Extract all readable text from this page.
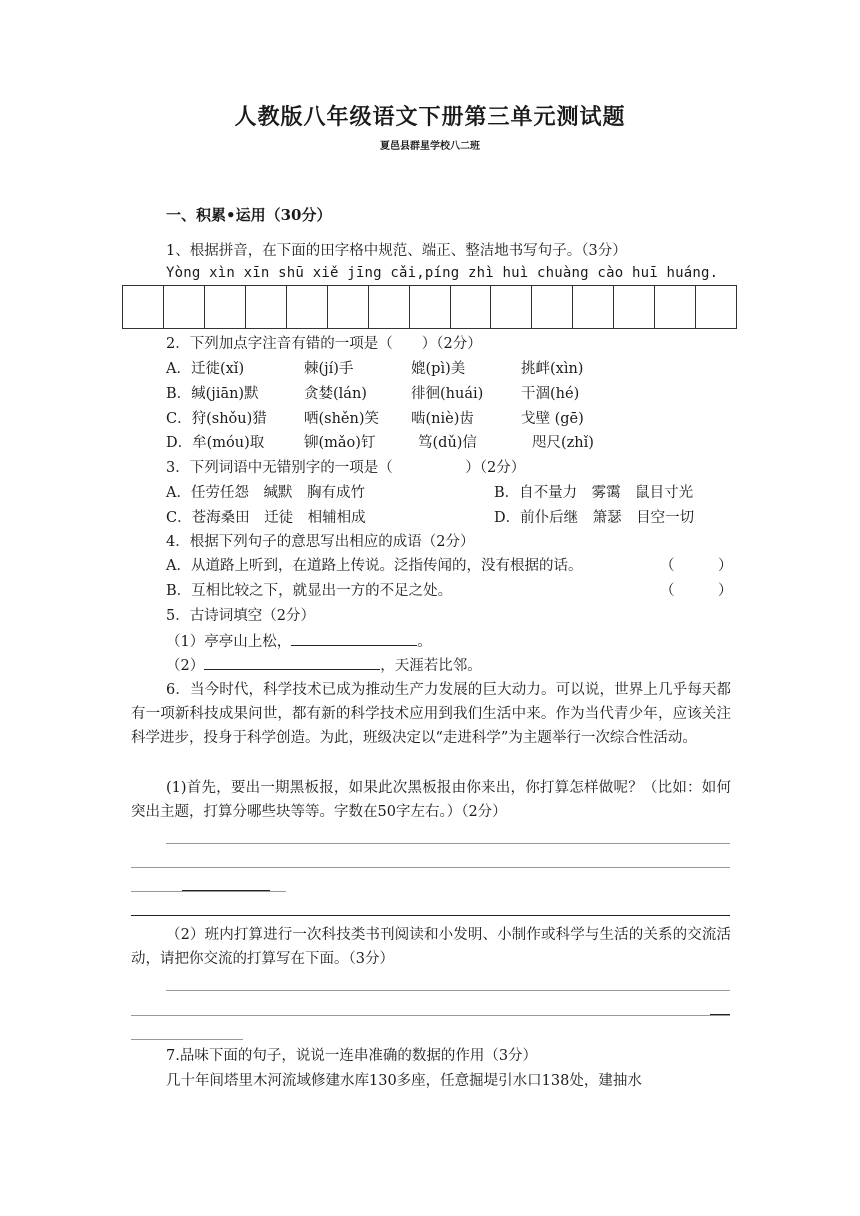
人教版八年级语文下册第三单元测试题
夏邑县群星学校八二班
一、积累•运用（30分）
1、根据拼音，在下面的田字格中规范、端正、整洁地书写句子。（3分）
Yòng xìn xīn shū xiě jīng cǎi,píng zhì huì chuàng cào huī huáng.
2．下列加点字注音有错的一项是（　　）（2分）
A．迁徙(xǐ)	棘(jí)手	媲(pì)美	挑衅(xìn)
B．缄(jiān)默	贪婪(lán)	徘徊(huái)	干涸(hé)
C．狩(shǒu)猎	哂(shěn)笑 啮(niè)齿	戈壁 (gē)
D．牟(móu)取	铆(mǎo)钉	笃(dǔ)信	咫尺(zhǐ)
3．下列词语中无错别字的一项是（　　　　　）（2分）
A．任劳任怨　缄默　胸有成竹	B．自不量力　雾霭　鼠目寸光
C．苍海桑田　迁徒　相辅相成	D．前仆后继　箫瑟　目空一切
4．根据下列句子的意思写出相应的成语（2分）
A．从道路上听到，在道路上传说。泛指传闻的，没有根据的话。	（　　　）
B．互相比较之下，就显出一方的不足之处。	（　　　）
5．古诗词填空（2分）
（1）亭亭山上松，	。
（2）	，天涯若比邻。
6．当今时代，科学技术已成为推动生产力发展的巨大动力。可以说，世界上几乎每天都有一项新科技成果问世，都有新的科学技术应用到我们生活中来。作为当代青少年，应该关注科学进步，投身于科学创造。为此，班级决定以“走进科学”为主题举行一次综合性活动。
(1)首先，要出一期黑板报，如果此次黑板报由你来出，你打算怎样做呢？（比如：如何突出主题，打算分哪些块等等。字数在50字左右。）（2分）
（2）班内打算进行一次科技类书刊阅读和小发明、小制作或科学与生活的关系的交流活动，请把你交流的打算写在下面。（3分）
7.品味下面的句子，说说一连串准确的数据的作用（3分）
几十年间塔里木河流域修建水库130多座，任意掘堤引水口138处，建抽水
